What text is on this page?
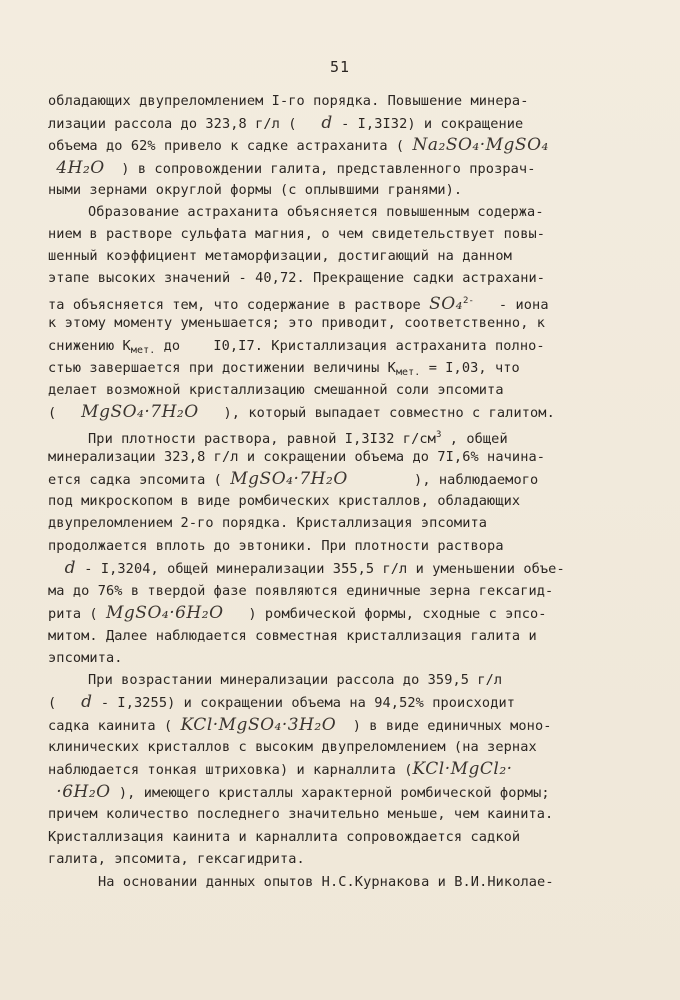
51
обладающих двупреломлением I-го порядка. Повышение минера-
лизации рассола до 323,8 г/л ( d - I,3I32) и сокращение
объема до 62% привело к садке астраханита ( Na₂SO₄·MgSO₄
4H₂O ) в сопровождении галита, представленного прозрач-
ными зернами округлой формы (с оплывшими гранями).
Образование астраханита объясняется повышенным содержа-
нием в растворе сульфата магния, о чем свидетельствует повы-
шенный коэффициент метаморфизации, достигающий на данном
этапе высоких значений - 40,72. Прекращение садки астрахани-
та объясняется тем, что содержание в растворе SO₄$^{2-}$ - иона
к этому моменту уменьшается; это приводит, соответственно, к
снижению $К_{мет.}$ до    I0,I7. Кристаллизация астраханита полно-
стью завершается при достижении величины $К_{мет.} = I,03$, что
делает возможной кристаллизацию смешанной соли эпсомита
( MgSO₄·7H₂O ), который выпадает совместно с галитом.
При плотности раствора, равной I,3I32 $г/см^3$ , общей
минерализации 323,8 г/л и сокращении объема до 7I,6% начина-
ется садка эпсомита ( MgSO₄·7H₂O	), наблюдаемого
под микроскопом в виде ромбических кристаллов, обладающих
двупреломлением 2-го порядка. Кристаллизация эпсомита
продолжается вплоть до эвтоники. При плотности раствора
d - I,3204, общей минерализации 355,5 г/л и уменьшении объе-
ма до 76% в твердой фазе появляются единичные зерна гексагид-
рита ( MgSO₄·6H₂O ) ромбической формы, сходные с эпсо-
митом. Далее наблюдается совместная кристаллизация галита и
эпсомита.
При возрастании минерализации рассола до 359,5 г/л
( d - I,3255) и сокращении объема на 94,52% происходит
садка каинита ( KCl·MgSO₄·3H₂O ) в виде единичных моно-
клинических кристаллов с высоким двупреломлением (на зернах
наблюдается тонкая штриховка) и карналлита (KCl·MgCl₂·
·6H₂O ), имеющего кристаллы характерной ромбической формы;
причем количество последнего значительно меньше, чем каинита.
Кристаллизация каинита и карналлита сопровождается садкой
галита, эпсомита, гексагидрита.
На основании данных опытов Н.С.Курнакова и В.И.Николае-
